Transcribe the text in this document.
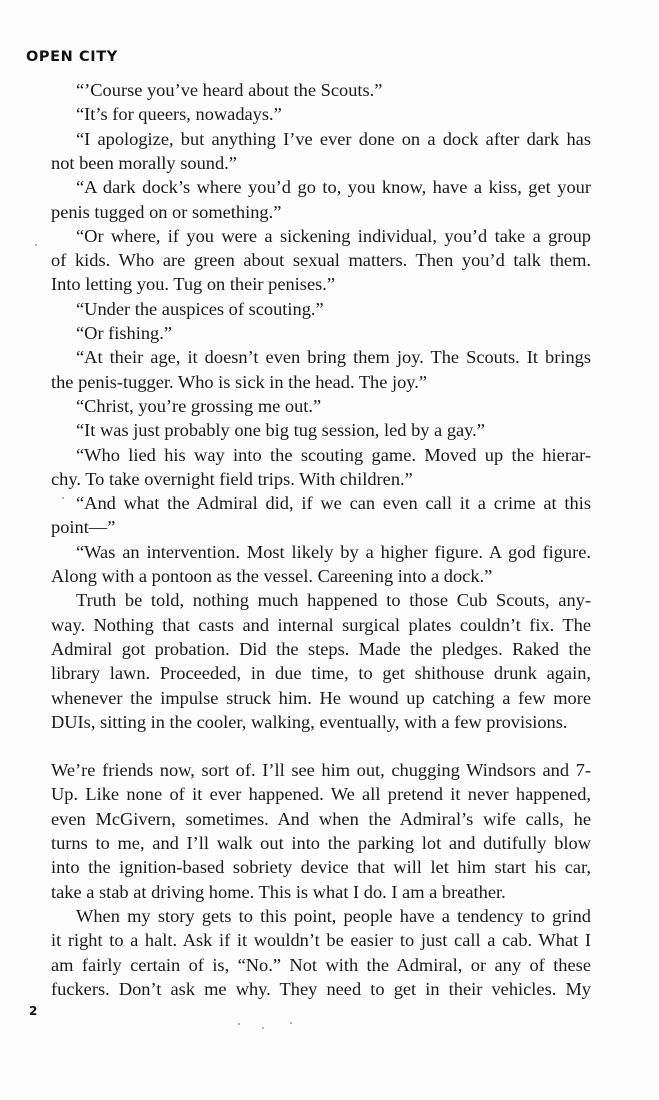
OPEN CITY
“’Course you’ve heard about the Scouts.”
“It’s for queers, nowadays.”
“I apologize, but anything I’ve ever done on a dock after dark has
not been morally sound.”
“A dark dock’s where you’d go to, you know, have a kiss, get your
penis tugged on or something.”
“Or where, if you were a sickening individual, you’d take a group
of kids. Who are green about sexual matters. Then you’d talk them.
Into letting you. Tug on their penises.”
“Under the auspices of scouting.”
“Or fishing.”
“At their age, it doesn’t even bring them joy. The Scouts. It brings
the penis-tugger. Who is sick in the head. The joy.”
“Christ, you’re grossing me out.”
“It was just probably one big tug session, led by a gay.”
“Who lied his way into the scouting game. Moved up the hierar-
chy. To take overnight field trips. With children.”
“And what the Admiral did, if we can even call it a crime at this
point—”
“Was an intervention. Most likely by a higher figure. A god figure.
Along with a pontoon as the vessel. Careening into a dock.”
Truth be told, nothing much happened to those Cub Scouts, any-
way. Nothing that casts and internal surgical plates couldn’t fix. The
Admiral got probation. Did the steps. Made the pledges. Raked the
library lawn. Proceeded, in due time, to get shithouse drunk again,
whenever the impulse struck him. He wound up catching a few more
DUIs, sitting in the cooler, walking, eventually, with a few provisions.
We’re friends now, sort of. I’ll see him out, chugging Windsors and 7-
Up. Like none of it ever happened. We all pretend it never happened,
even McGivern, sometimes. And when the Admiral’s wife calls, he
turns to me, and I’ll walk out into the parking lot and dutifully blow
into the ignition-based sobriety device that will let him start his car,
take a stab at driving home. This is what I do. I am a breather.
When my story gets to this point, people have a tendency to grind
it right to a halt. Ask if it wouldn’t be easier to just call a cab. What I
am fairly certain of is, “No.” Not with the Admiral, or any of these
fuckers. Don’t ask me why. They need to get in their vehicles. My
2
